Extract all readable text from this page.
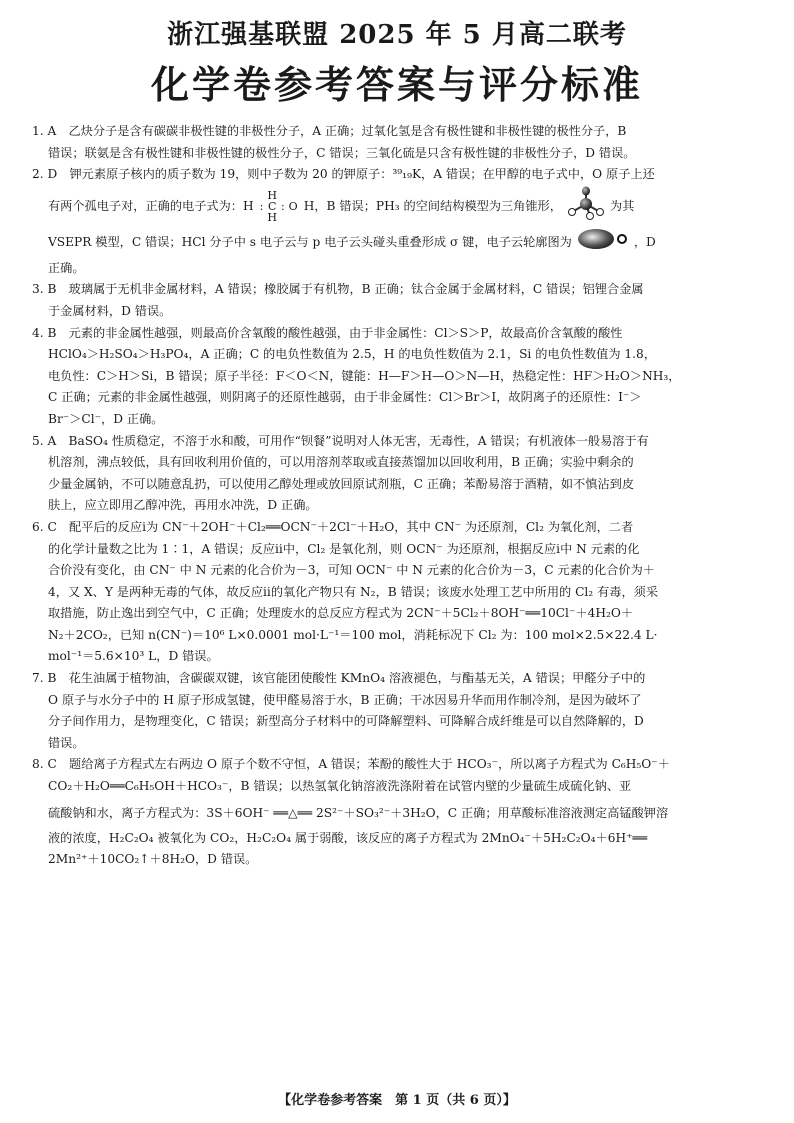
浙江强基联盟 2025 年 5 月高二联考
化学卷参考答案与评分标准
1. A　乙炔分子是含有碳碳非极性键的非极性分子，A 正确；过氧化氢是含有极性键和非极性键的极性分子，B
错误；联氨是含有极性键和非极性键的极性分子，C 错误；三氧化硫是只含有极性键的非极性分子，D 错误。
2. D　钾元素原子核内的质子数为 19，则中子数为 20 的钾原子：³⁹₁₉K，A 错误；在甲醇的电子式中，O 原子上还
有两个孤电子对，正确的电子式为：H
	H		
:	C	:	O
	H		
H，B 错误；PH₃ 的空间结构模型为三角锥形，	为其
VSEPR 模型，C 错误；HCl 分子中 s 电子云与 p 电子云头碰头重叠形成 σ 键，电子云轮廓图为	，D
正确。
3. B　玻璃属于无机非金属材料，A 错误；橡胶属于有机物，B 正确；钛合金属于金属材料，C 错误；铝锂合金属
于金属材料，D 错误。
4. B　元素的非金属性越强，则最高价含氧酸的酸性越强，由于非金属性：Cl＞S＞P，故最高价含氧酸的酸性
HClO₄＞H₂SO₄＞H₃PO₄，A 正确；C 的电负性数值为 2.5，H 的电负性数值为 2.1，Si 的电负性数值为 1.8，
电负性：C＞H＞Si，B 错误；原子半径：F＜O＜N，键能：H—F＞H—O＞N—H，热稳定性：HF＞H₂O＞NH₃，
C 正确；元素的非金属性越强，则阴离子的还原性越弱，由于非金属性：Cl＞Br＞I，故阴离子的还原性：I⁻＞
Br⁻＞Cl⁻，D 正确。
5. A　BaSO₄ 性质稳定，不溶于水和酸，可用作“钡餐”说明对人体无害，无毒性，A 错误；有机液体一般易溶于有
机溶剂，沸点较低，具有回收利用价值的，可以用溶剂萃取或直接蒸馏加以回收利用，B 正确；实验中剩余的
少量金属钠，不可以随意乱扔，可以使用乙醇处理或放回原试剂瓶，C 正确；苯酚易溶于酒精，如不慎沾到皮
肤上，应立即用乙醇冲洗，再用水冲洗，D 正确。
6. C　配平后的反应ⅰ为 CN⁻＋2OH⁻＋Cl₂══OCN⁻＋2Cl⁻＋H₂O，其中 CN⁻ 为还原剂，Cl₂ 为氧化剂，二者
的化学计量数之比为 1∶1，A 错误；反应ⅱ中，Cl₂ 是氧化剂，则 OCN⁻ 为还原剂，根据反应ⅰ中 N 元素的化
合价没有变化，由 CN⁻ 中 N 元素的化合价为－3，可知 OCN⁻ 中 N 元素的化合价为－3，C 元素的化合价为＋
4，又 X、Y 是两种无毒的气体，故反应ⅱ的氧化产物只有 N₂，B 错误；该废水处理工艺中所用的 Cl₂ 有毒，须采
取措施，防止逸出到空气中，C 正确；处理废水的总反应方程式为 2CN⁻＋5Cl₂＋8OH⁻══10Cl⁻＋4H₂O＋
N₂＋2CO₂，已知 n(CN⁻)＝10⁶ L×0.0001 mol·L⁻¹＝100 mol，消耗标况下 Cl₂ 为：100 mol×2.5×22.4 L·
mol⁻¹＝5.6×10³ L，D 错误。
7. B　花生油属于植物油，含碳碳双键，该官能团使酸性 KMnO₄ 溶液褪色，与酯基无关，A 错误；甲醛分子中的
O 原子与水分子中的 H 原子形成氢键，使甲醛易溶于水，B 正确；干冰因易升华而用作制冷剂，是因为破坏了
分子间作用力，是物理变化，C 错误；新型高分子材料中的可降解塑料、可降解合成纤维是可以自然降解的，D
错误。
8. C　题给离子方程式左右两边 O 原子个数不守恒，A 错误；苯酚的酸性大于 HCO₃⁻，所以离子方程式为 C₆H₅O⁻＋
CO₂＋H₂O══C₆H₅OH＋HCO₃⁻，B 错误；以热氢氧化钠溶液洗涤附着在试管内壁的少量硫生成硫化钠、亚
硫酸钠和水，离子方程式为：3S＋6OH⁻ ══△══ 2S²⁻＋SO₃²⁻＋3H₂O，C 正确；用草酸标准溶液测定高锰酸钾溶
液的浓度，H₂C₂O₄ 被氧化为 CO₂，H₂C₂O₄ 属于弱酸，该反应的离子方程式为 2MnO₄⁻＋5H₂C₂O₄＋6H⁺══
2Mn²⁺＋10CO₂↑＋8H₂O，D 错误。
【化学卷参考答案　第 1 页（共 6 页）】
